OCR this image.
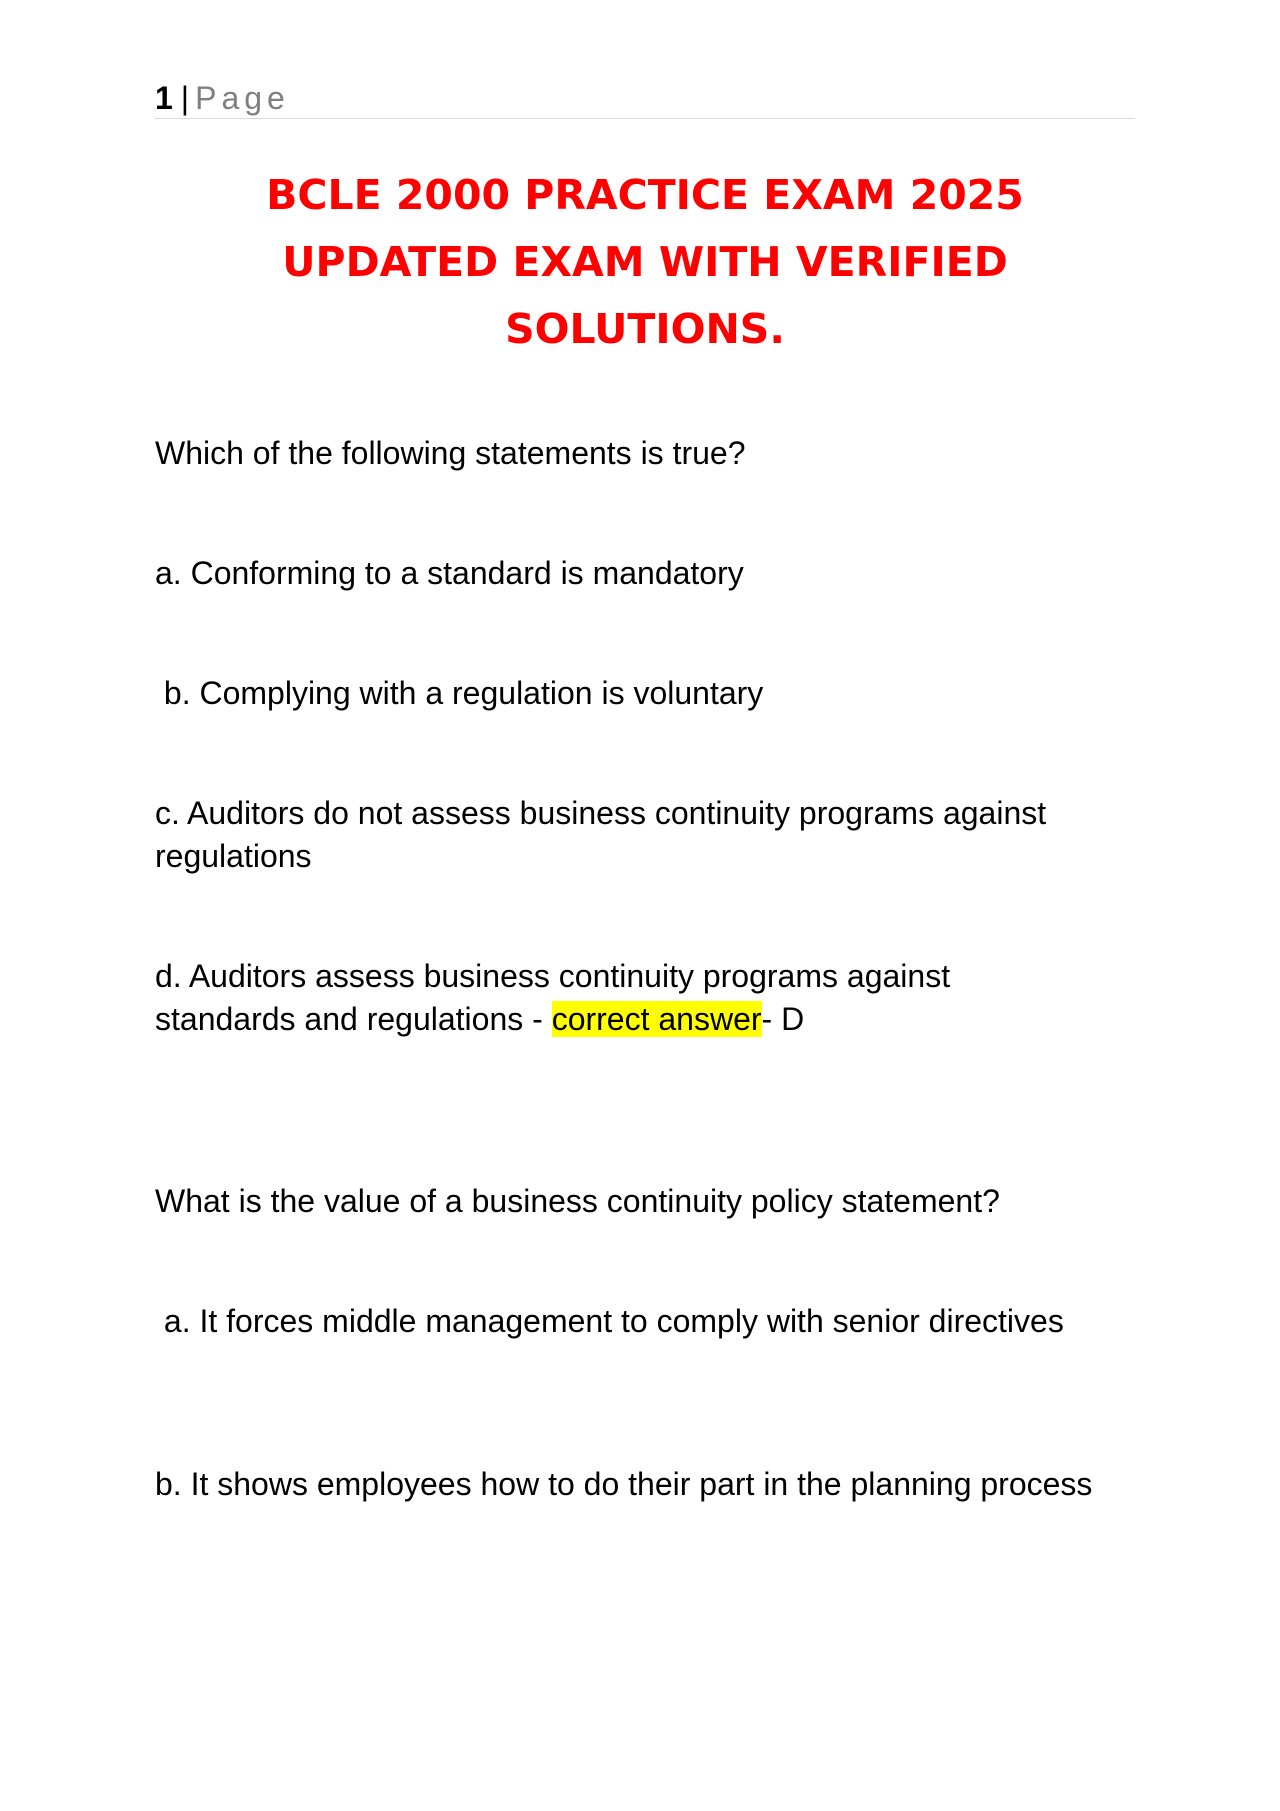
1 | Page
BCLE 2000 PRACTICE EXAM 2025
UPDATED EXAM WITH VERIFIED
SOLUTIONS.
Which of the following statements is true?
a. Conforming to a standard is mandatory
b. Complying with a regulation is voluntary
c. Auditors do not assess business continuity programs against regulations
d. Auditors assess business continuity programs against
standards and regulations - correct answer- D
What is the value of a business continuity policy statement?
a. It forces middle management to comply with senior directives
b. It shows employees how to do their part in the planning process
